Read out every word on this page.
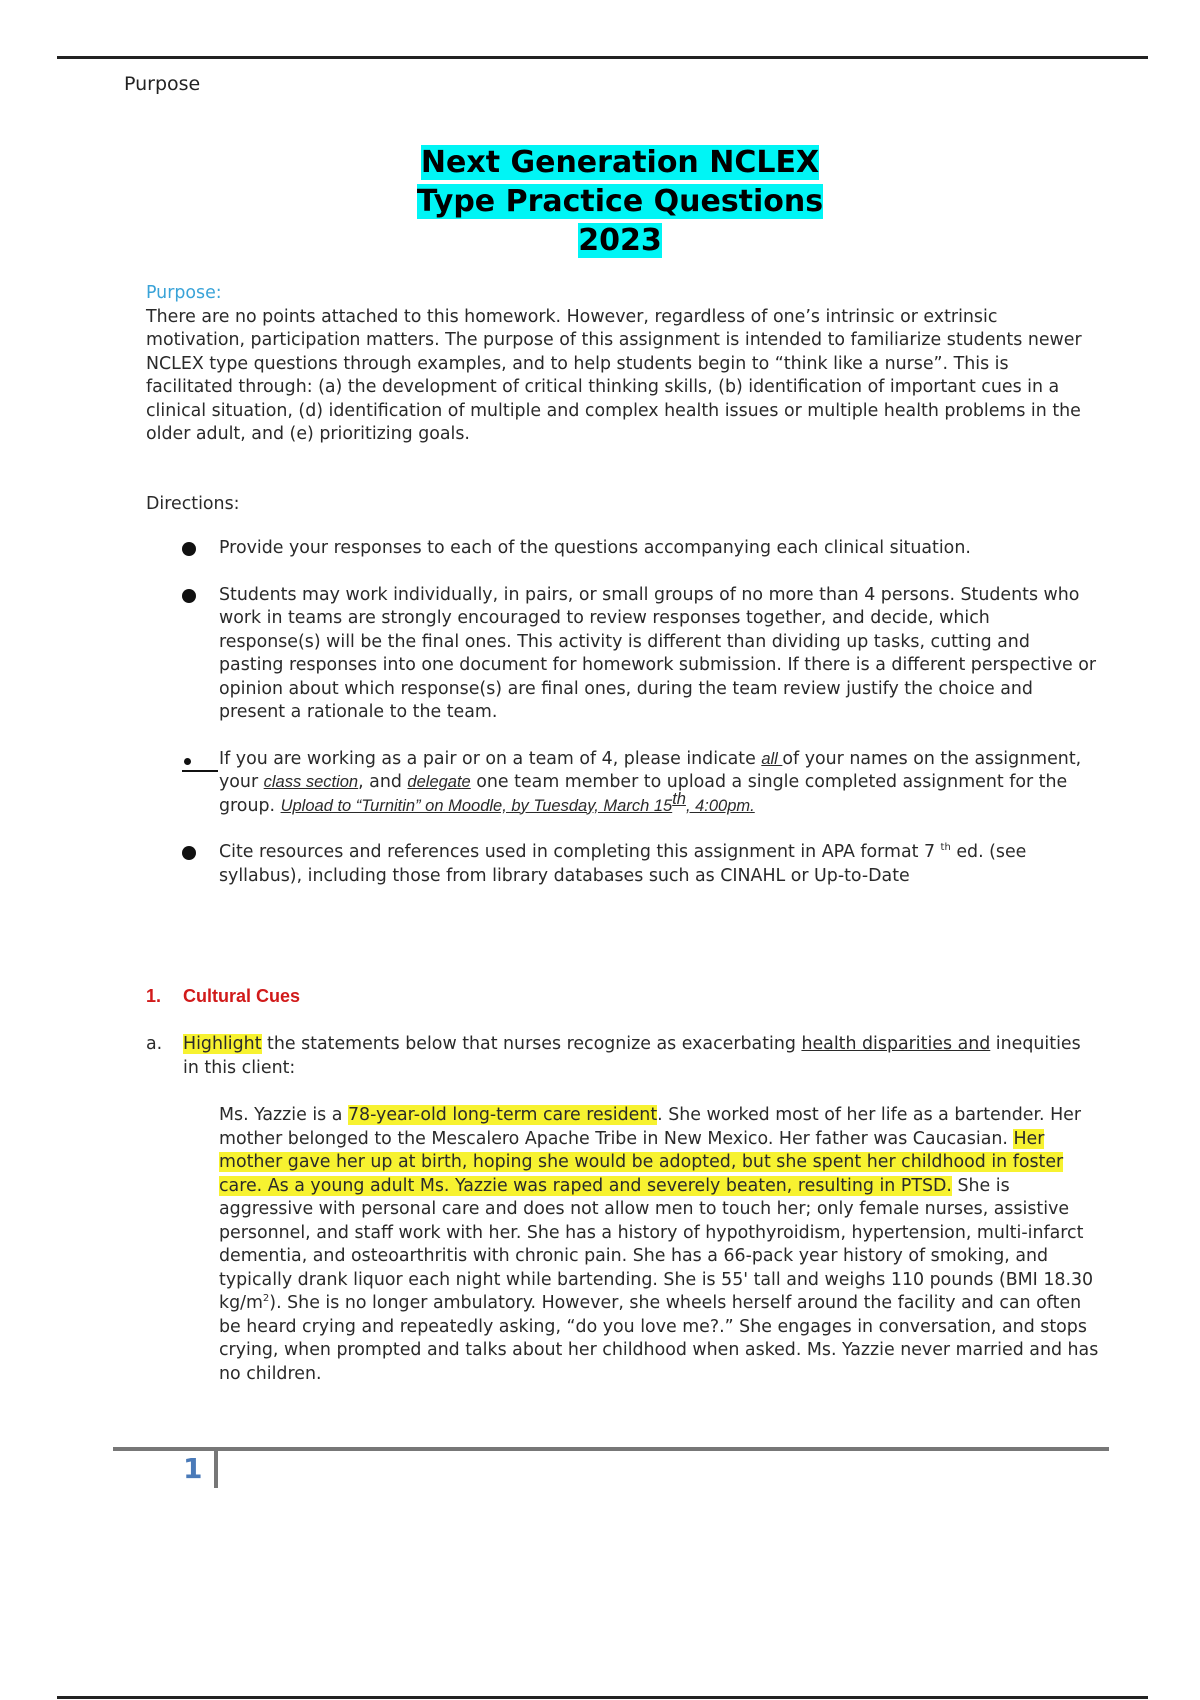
Purpose
Next Generation NCLEX
Type Practice Questions
2023
Purpose:
There are no points attached to this homework. However, regardless of one’s intrinsic or extrinsic motivation, participation matters. The purpose of this assignment is intended to familiarize students newer NCLEX type questions through examples, and to help students begin to “think like a nurse”. This is facilitated through: (a) the development of critical thinking skills, (b) identification of important cues in a clinical situation, (d) identification of multiple and complex health issues or multiple health problems in the older adult, and (e) prioritizing goals.
Directions:
Provide your responses to each of the questions accompanying each clinical situation.
Students may work individually, in pairs, or small groups of no more than 4 persons. Students who work in teams are strongly encouraged to review responses together, and decide, which response(s) will be the final ones. This activity is different than dividing up tasks, cutting and pasting responses into one document for homework submission. If there is a different perspective or opinion about which response(s) are final ones, during the team review justify the choice and present a rationale to the team.
If you are working as a pair or on a team of 4, please indicate all of your names on the assignment, your class section, and delegate one team member to upload a single completed assignment for the group. Upload to “Turnitin” on Moodle, by Tuesday, March 15th, 4:00pm.
Cite resources and references used in completing this assignment in APA format 7 $^{th}$ ed. (see syllabus), including those from library databases such as CINAHL or Up-to-Date
1. Cultural Cues
a. Highlight the statements below that nurses recognize as exacerbating health disparities and inequities in this client:
Ms. Yazzie is a 78-year-old long-term care resident. She worked most of her life as a bartender. Her mother belonged to the Mescalero Apache Tribe in New Mexico. Her father was Caucasian. Her mother gave her up at birth, hoping she would be adopted, but she spent her childhood in foster care. As a young adult Ms. Yazzie was raped and severely beaten, resulting in PTSD. She is aggressive with personal care and does not allow men to touch her; only female nurses, assistive personnel, and staff work with her. She has a history of hypothyroidism, hypertension, multi-infarct dementia, and osteoarthritis with chronic pain. She has a 66-pack year history of smoking, and typically drank liquor each night while bartending. She is 55' tall and weighs 110 pounds (BMI 18.30 $kg/m^2$). She is no longer ambulatory. However, she wheels herself around the facility and can often be heard crying and repeatedly asking, “do you love me?.” She engages in conversation, and stops crying, when prompted and talks about her childhood when asked. Ms. Yazzie never married and has no children.
1
